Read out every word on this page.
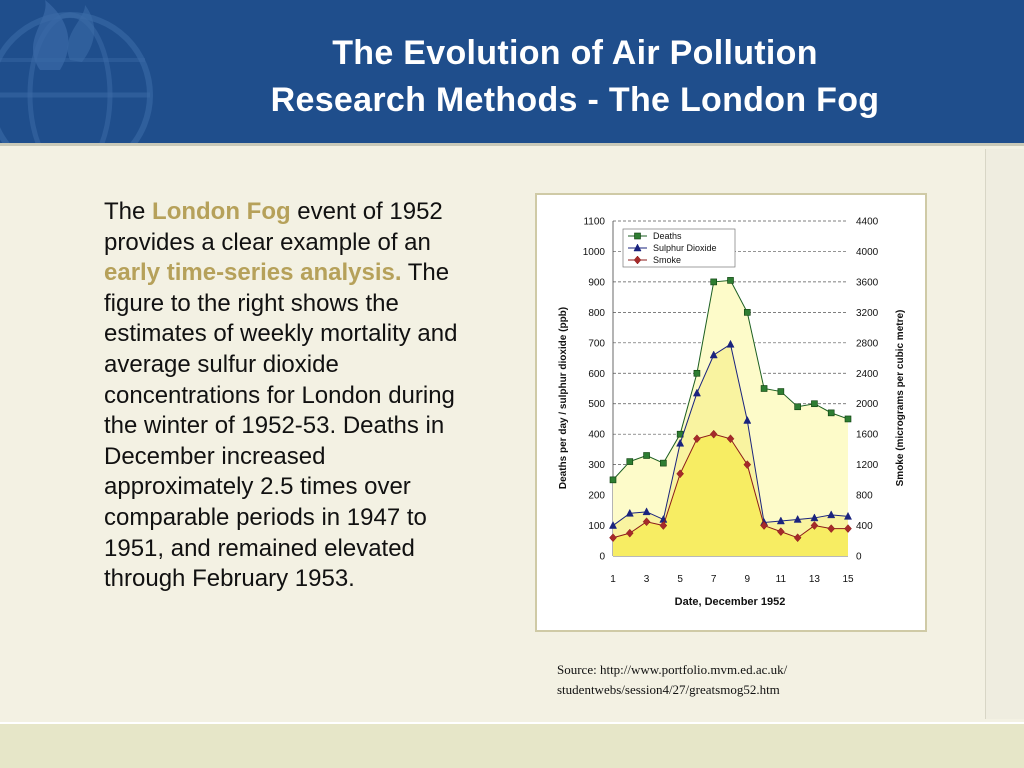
The Evolution of Air Pollution
Research Methods - The London Fog
The London Fog event of 1952 provides a clear example of an early time-series analysis. The figure to the right shows the estimates of weekly mortality and average sulfur dioxide concentrations for London during the winter of 1952-53. Deaths in December increased approximately 2.5 times over comparable periods in 1947 to 1951, and remained elevated through February 1953.
0
100
200
300
400
500
600
700
800
900
1000
1100
0
400
800
1200
1600
2000
2400
2800
3200
3600
4000
4400
1	3	5	7	9	11 13 15
Deaths per day / sulphur dioxide (ppb)	Smoke (micrograms per cubic metre)
Date, December 1952
Deaths
Sulphur Dioxide
Smoke
Source: http://www.portfolio.mvm.ed.ac.uk/
studentwebs/session4/27/greatsmog52.htm
